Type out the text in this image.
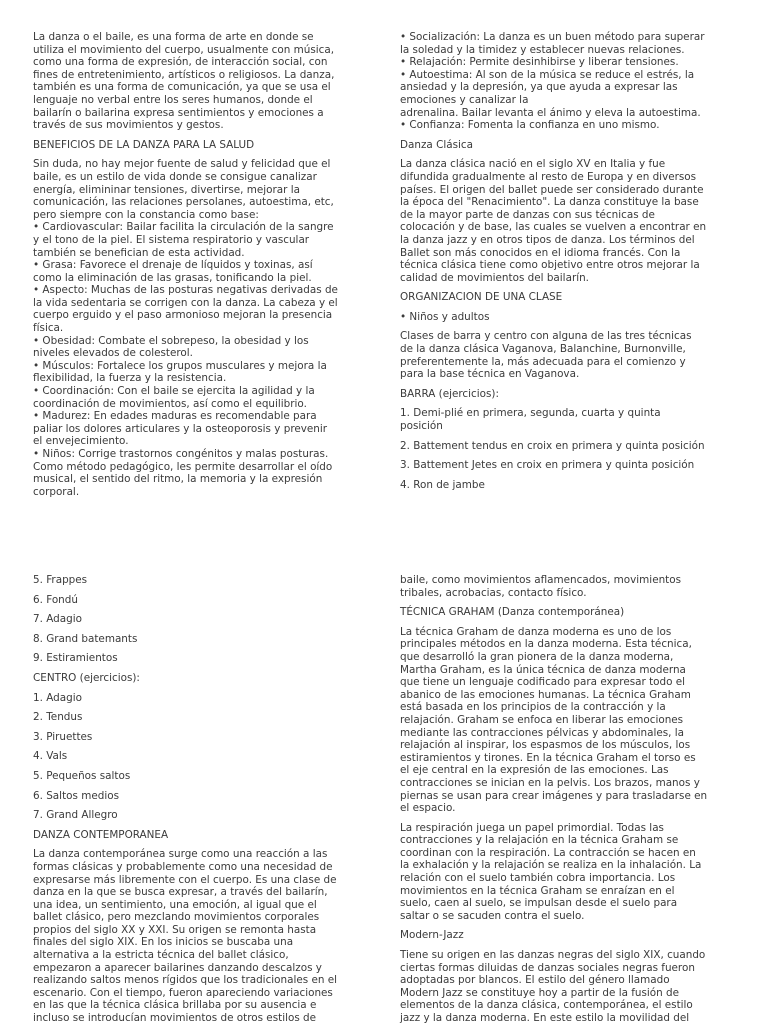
La danza o el baile, es una forma de arte en donde se
utiliza el movimiento del cuerpo, usualmente con música,
como una forma de expresión, de interacción social, con
fines de entretenimiento, artísticos o religiosos. La danza,
también es una forma de comunicación, ya que se usa el
lenguaje no verbal entre los seres humanos, donde el
bailarín o bailarina expresa sentimientos y emociones a
través de sus movimientos y gestos.

BENEFICIOS DE LA DANZA PARA LA SALUD

Sin duda, no hay mejor fuente de salud y felicidad que el
baile, es un estilo de vida donde se consigue canalizar
energía, elimininar tensiones, divertirse, mejorar la
comunicación, las relaciones persolanes, autoestima, etc,
pero siempre con la constancia como base:
• Cardiovascular: Bailar facilita la circulación de la sangre
y el tono de la piel. El sistema respiratorio y vascular
también se benefician de esta actividad.
• Grasa: Favorece el drenaje de líquidos y toxinas, así
como la eliminación de las grasas, tonificando la piel.
• Aspecto: Muchas de las posturas negativas derivadas de
la vida sedentaria se corrigen con la danza. La cabeza y el
cuerpo erguido y el paso armonioso mejoran la presencia
física.
• Obesidad: Combate el sobrepeso, la obesidad y los
niveles elevados de colesterol.
• Músculos: Fortalece los grupos musculares y mejora la
flexibilidad, la fuerza y la resistencia.
• Coordinación: Con el baile se ejercita la agilidad y la
coordinación de movimientos, así como el equilibrio.
• Madurez: En edades maduras es recomendable para
paliar los dolores articulares y la osteoporosis y prevenir
el envejecimiento.
• Niños: Corrige trastornos congénitos y malas posturas.
Como método pedagógico, les permite desarrollar el oído
musical, el sentido del ritmo, la memoria y la expresión
corporal.

• Socialización: La danza es un buen método para superar
la soledad y la timidez y establecer nuevas relaciones.
• Relajación: Permite desinhibirse y liberar tensiones.
• Autoestima: Al son de la música se reduce el estrés, la
ansiedad y la depresión, ya que ayuda a expresar las
emociones y canalizar la
adrenalina. Bailar levanta el ánimo y eleva la autoestima.
• Confianza: Fomenta la confianza en uno mismo.

Danza Clásica

La danza clásica nació en el siglo XV en Italia y fue
difundida gradualmente al resto de Europa y en diversos
países. El origen del ballet puede ser considerado durante
la época del "Renacimiento". La danza constituye la base
de la mayor parte de danzas con sus técnicas de
colocación y de base, las cuales se vuelven a encontrar en
la danza jazz y en otros tipos de danza. Los términos del
Ballet son más conocidos en el idioma francés. Con la
técnica clásica tiene como objetivo entre otros mejorar la
calidad de movimientos del bailarín.

ORGANIZACION DE UNA CLASE

• Niños y adultos

Clases de barra y centro con alguna de las tres técnicas
de la danza clásica Vaganova, Balanchine, Burnonville,
preferentemente la, más adecuada para el comienzo y
para la base técnica en Vaganova.

BARRA (ejercicios):

1. Demi-plié en primera, segunda, cuarta y quinta
posición

2. Battement tendus en croix en primera y quinta posición

3. Battement Jetes en croix en primera y quinta posición

4. Ron de jambe

5. Frappes

6. Fondú

7. Adagio

8. Grand batemants

9. Estiramientos

CENTRO (ejercicios):

1. Adagio

2. Tendus

3. Piruettes

4. Vals

5. Pequeños saltos

6. Saltos medios

7. Grand Allegro

DANZA CONTEMPORANEA

La danza contemporánea surge como una reacción a las
formas clásicas y probablemente como una necesidad de
expresarse más libremente con el cuerpo. Es una clase de
danza en la que se busca expresar, a través del bailarín,
una idea, un sentimiento, una emoción, al igual que el
ballet clásico, pero mezclando movimientos corporales
propios del siglo XX y XXI. Su origen se remonta hasta
finales del siglo XIX. En los inicios se buscaba una
alternativa a la estricta técnica del ballet clásico,
empezaron a aparecer bailarines danzando descalzos y
realizando saltos menos rígidos que los tradicionales en el
escenario. Con el tiempo, fueron apareciendo variaciones
en las que la técnica clásica brillaba por su ausencia e
incluso se introducían movimientos de otros estilos de

baile, como movimientos aflamencados, movimientos
tribales, acrobacias, contacto físico.

TÉCNICA GRAHAM (Danza contemporánea)

La técnica Graham de danza moderna es uno de los
principales métodos en la danza moderna. Esta técnica,
que desarrolló la gran pionera de la danza moderna,
Martha Graham, es la única técnica de danza moderna
que tiene un lenguaje codificado para expresar todo el
abanico de las emociones humanas. La técnica Graham
está basada en los principios de la contracción y la
relajación. Graham se enfoca en liberar las emociones
mediante las contracciones pélvicas y abdominales, la
relajación al inspirar, los espasmos de los músculos, los
estiramientos y tirones. En la técnica Graham el torso es
el eje central en la expresión de las emociones. Las
contracciones se inician en la pelvis. Los brazos, manos y
piernas se usan para crear imágenes y para trasladarse en
el espacio.

La respiración juega un papel primordial. Todas las
contracciones y la relajación en la técnica Graham se
coordinan con la respiración. La contracción se hacen en
la exhalación y la relajación se realiza en la inhalación. La
relación con el suelo también cobra importancia. Los
movimientos en la técnica Graham se enraízan en el
suelo, caen al suelo, se impulsan desde el suelo para
saltar o se sacuden contra el suelo.

Modern-Jazz

Tiene su origen en las danzas negras del siglo XIX, cuando
ciertas formas diluidas de danzas sociales negras fueron
adoptadas por blancos. El estilo del género llamado
Modern Jazz se constituye hoy a partir de la fusión de
elementos de la danza clásica, contemporánea, el estilo
jazz y la danza moderna. En este estilo la movilidad del
